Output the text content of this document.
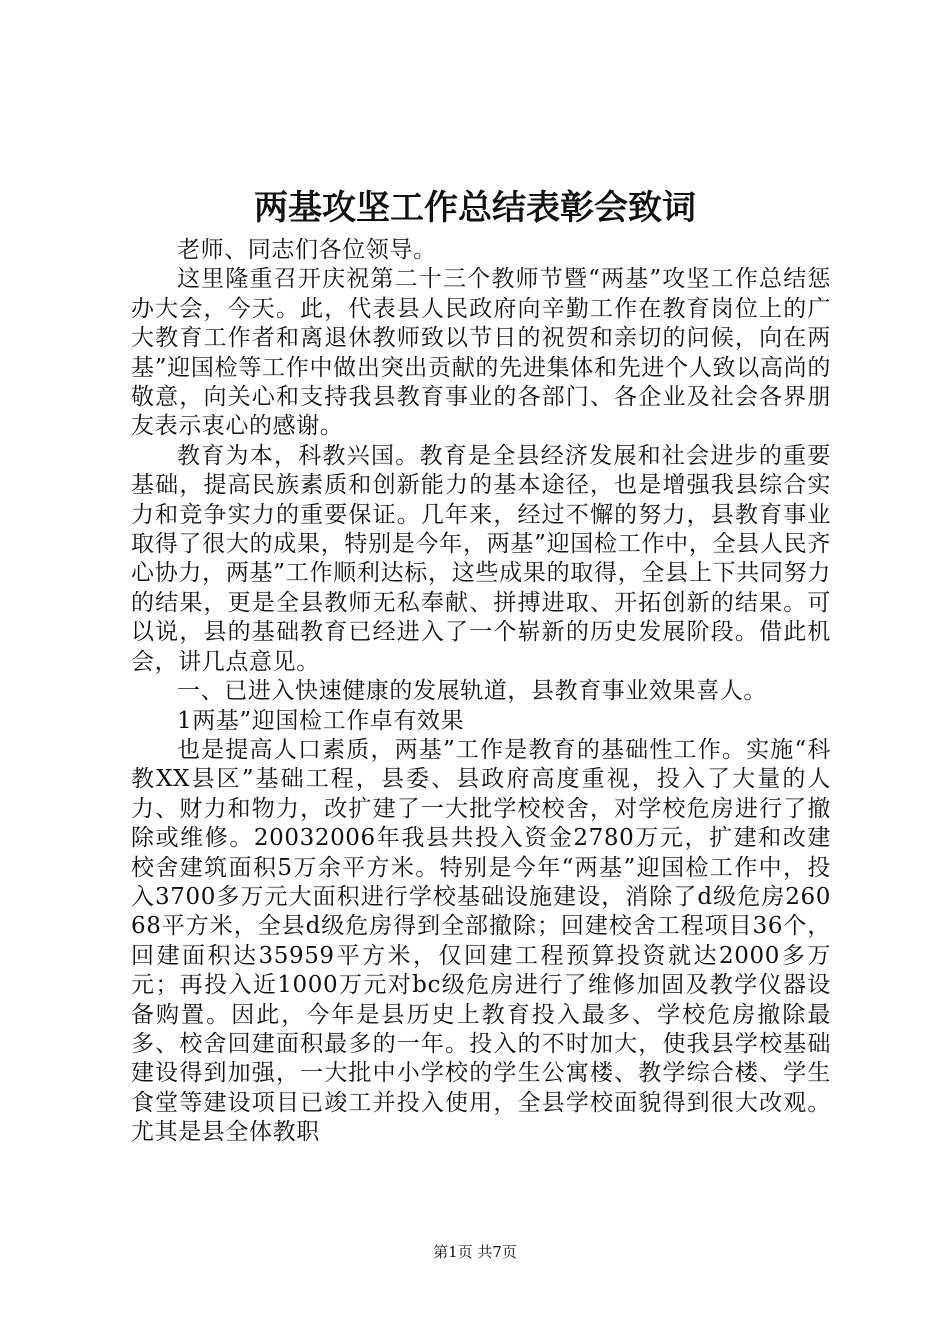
两基攻坚工作总结表彰会致词

老师、同志们各位领导。

这里隆重召开庆祝第二十三个教师节暨“两基”攻坚工作总结惩办大会，今天。此，代表县人民政府向辛勤工作在教育岗位上的广大教育工作者和离退休教师致以节日的祝贺和亲切的问候，向在两基”迎国检等工作中做出突出贡献的先进集体和先进个人致以高尚的敬意，向关心和支持我县教育事业的各部门、各企业及社会各界朋友表示衷心的感谢。

教育为本，科教兴国。教育是全县经济发展和社会进步的重要基础，提高民族素质和创新能力的基本途径，也是增强我县综合实力和竞争实力的重要保证。几年来，经过不懈的努力，县教育事业取得了很大的成果，特别是今年，两基”迎国检工作中，全县人民齐心协力，两基”工作顺利达标，这些成果的取得，全县上下共同努力的结果，更是全县教师无私奉献、拼搏进取、开拓创新的结果。可以说，县的基础教育已经进入了一个崭新的历史发展阶段。借此机会，讲几点意见。

一、已进入快速健康的发展轨道，县教育事业效果喜人。

1两基”迎国检工作卓有效果

也是提高人口素质，两基”工作是教育的基础性工作。实施“科教XX县区”基础工程，县委、县政府高度重视，投入了大量的人力、财力和物力，改扩建了一大批学校校舍，对学校危房进行了撤除或维修。20032006年我县共投入资金2780万元，扩建和改建校舍建筑面积5万余平方米。特别是今年“两基”迎国检工作中，投入3700多万元大面积进行学校基础设施建设，消除了d级危房26068平方米，全县d级危房得到全部撤除；回建校舍工程项目36个，回建面积达35959平方米，仅回建工程预算投资就达2000多万元；再投入近1000万元对bc级危房进行了维修加固及教学仪器设备购置。因此，今年是县历史上教育投入最多、学校危房撤除最多、校舍回建面积最多的一年。投入的不时加大，使我县学校基础建设得到加强，一大批中小学校的学生公寓楼、教学综合楼、学生食堂等建设项目已竣工并投入使用，全县学校面貌得到很大改观。尤其是县全体教职

第1页 共7页
